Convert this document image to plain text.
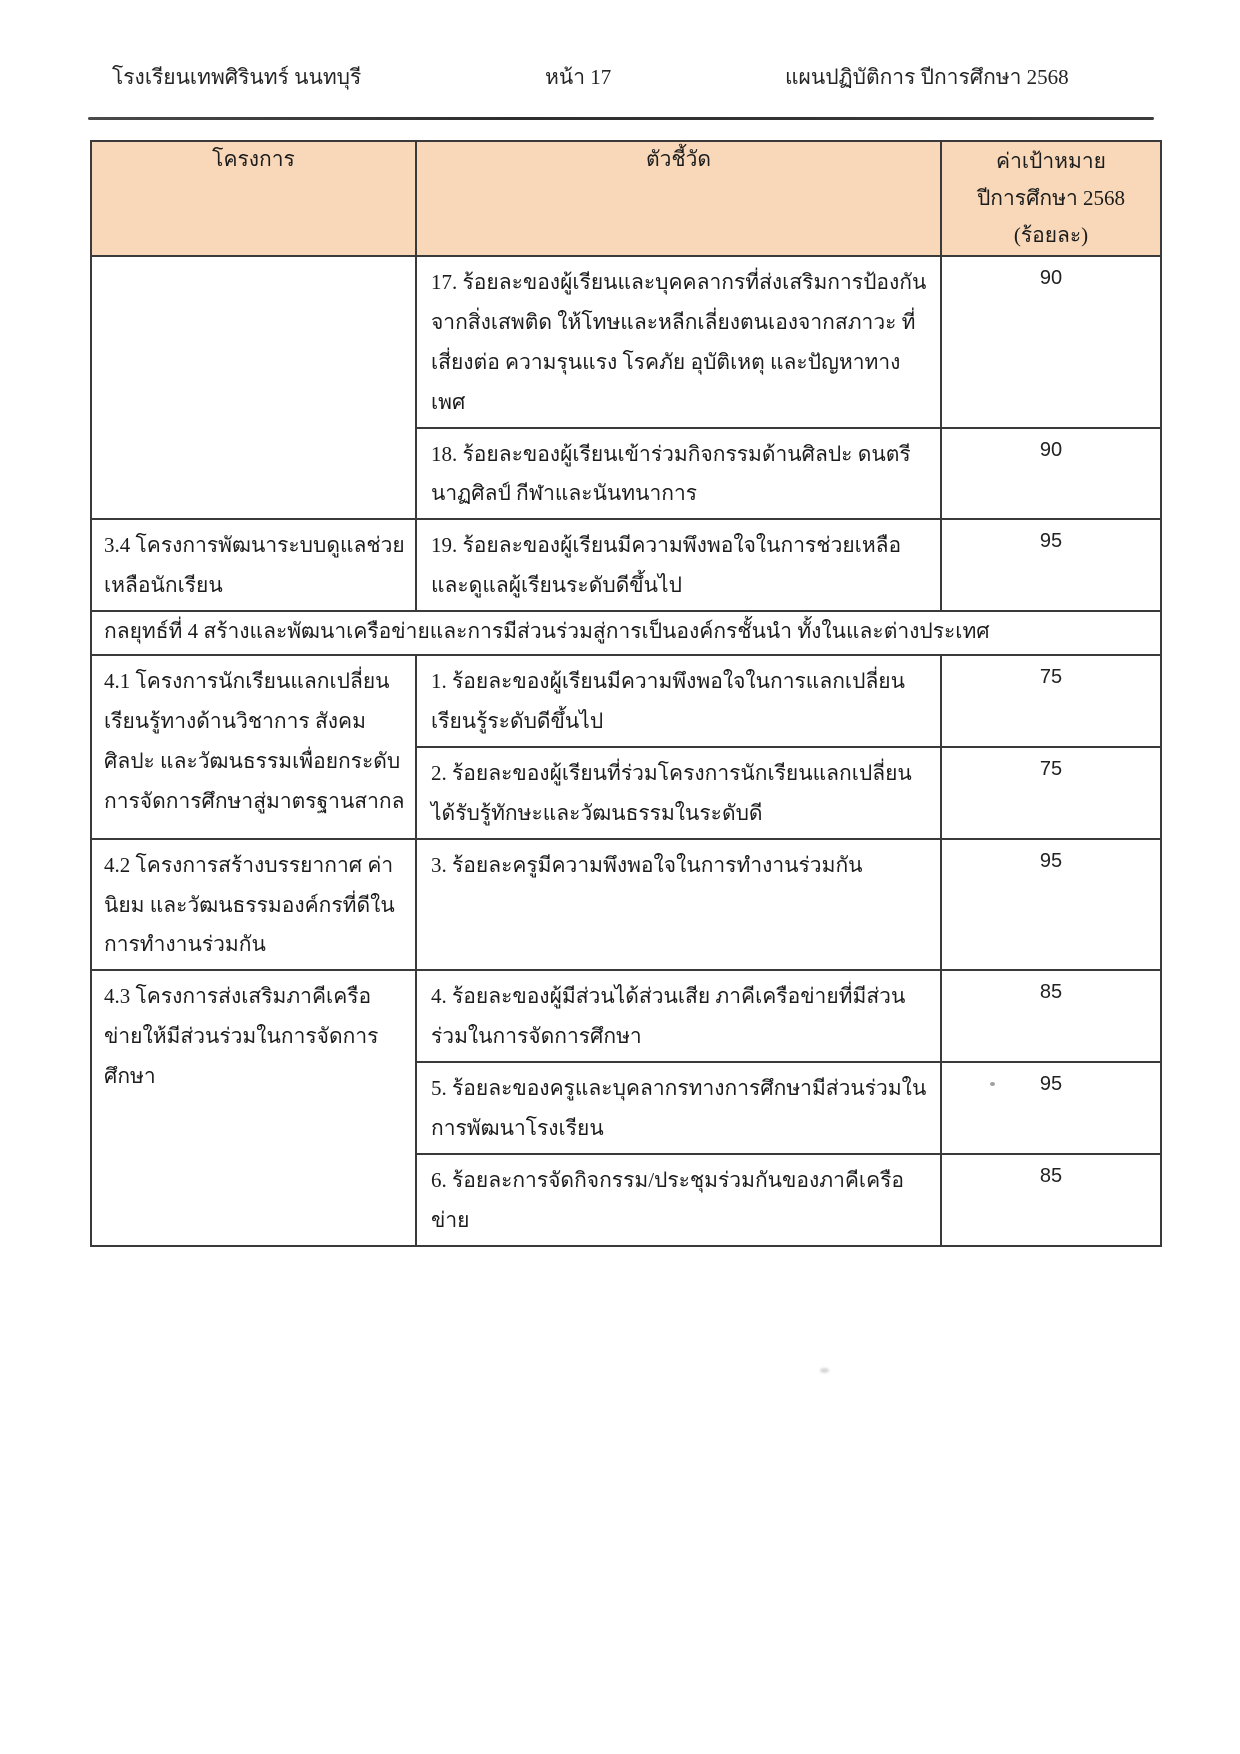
โรงเรียนเทพศิรินทร์ นนทบุรี	หน้า 17	แผนปฏิบัติการ ปีการศึกษา 2568
โครงการ	ตัวชี้วัด	ค่าเป้าหมาย
ปีการศึกษา 2568
(ร้อยละ)

	17. ร้อยละของผู้เรียนและบุคคลากรที่ส่งเสริมการป้องกันจากสิ่งเสพติด ให้โทษและหลีกเลี่ยงตนเองจากสภาวะ ที่เสี่ยงต่อ ความรุนแรง โรคภัย อุบัติเหตุ และปัญหาทางเพศ	90
	18. ร้อยละของผู้เรียนเข้าร่วมกิจกรรมด้านศิลปะ ดนตรี นาฏศิลป์ กีฬาและนันทนาการ	90
3.4 โครงการพัฒนาระบบดูแลช่วยเหลือนักเรียน	19. ร้อยละของผู้เรียนมีความพึงพอใจในการช่วยเหลือและดูแลผู้เรียนระดับดีขึ้นไป	95
กลยุทธ์ที่ 4 สร้างและพัฒนาเครือข่ายและการมีส่วนร่วมสู่การเป็นองค์กรชั้นนำ ทั้งในและต่างประเทศ		
4.1 โครงการนักเรียนแลกเปลี่ยนเรียนรู้ทางด้านวิชาการ สังคม ศิลปะ และวัฒนธรรมเพื่อยกระดับการจัดการศึกษาสู่มาตรฐานสากล	1. ร้อยละของผู้เรียนมีความพึงพอใจในการแลกเปลี่ยนเรียนรู้ระดับดีขึ้นไป	75
	2. ร้อยละของผู้เรียนที่ร่วมโครงการนักเรียนแลกเปลี่ยนได้รับรู้ทักษะและวัฒนธรรมในระดับดี	75
4.2 โครงการสร้างบรรยากาศ ค่านิยม และวัฒนธรรมองค์กรที่ดีในการทำงานร่วมกัน	3. ร้อยละครูมีความพึงพอใจในการทำงานร่วมกัน	95
4.3 โครงการส่งเสริมภาคีเครือข่ายให้มีส่วนร่วมในการจัดการศึกษา	4. ร้อยละของผู้มีส่วนได้ส่วนเสีย ภาคีเครือข่ายที่มีส่วนร่วมในการจัดการศึกษา	85
	5. ร้อยละของครูและบุคลากรทางการศึกษามีส่วนร่วมในการพัฒนาโรงเรียน	95
	6. ร้อยละการจัดกิจกรรม/ประชุมร่วมกันของภาคีเครือข่าย	85
